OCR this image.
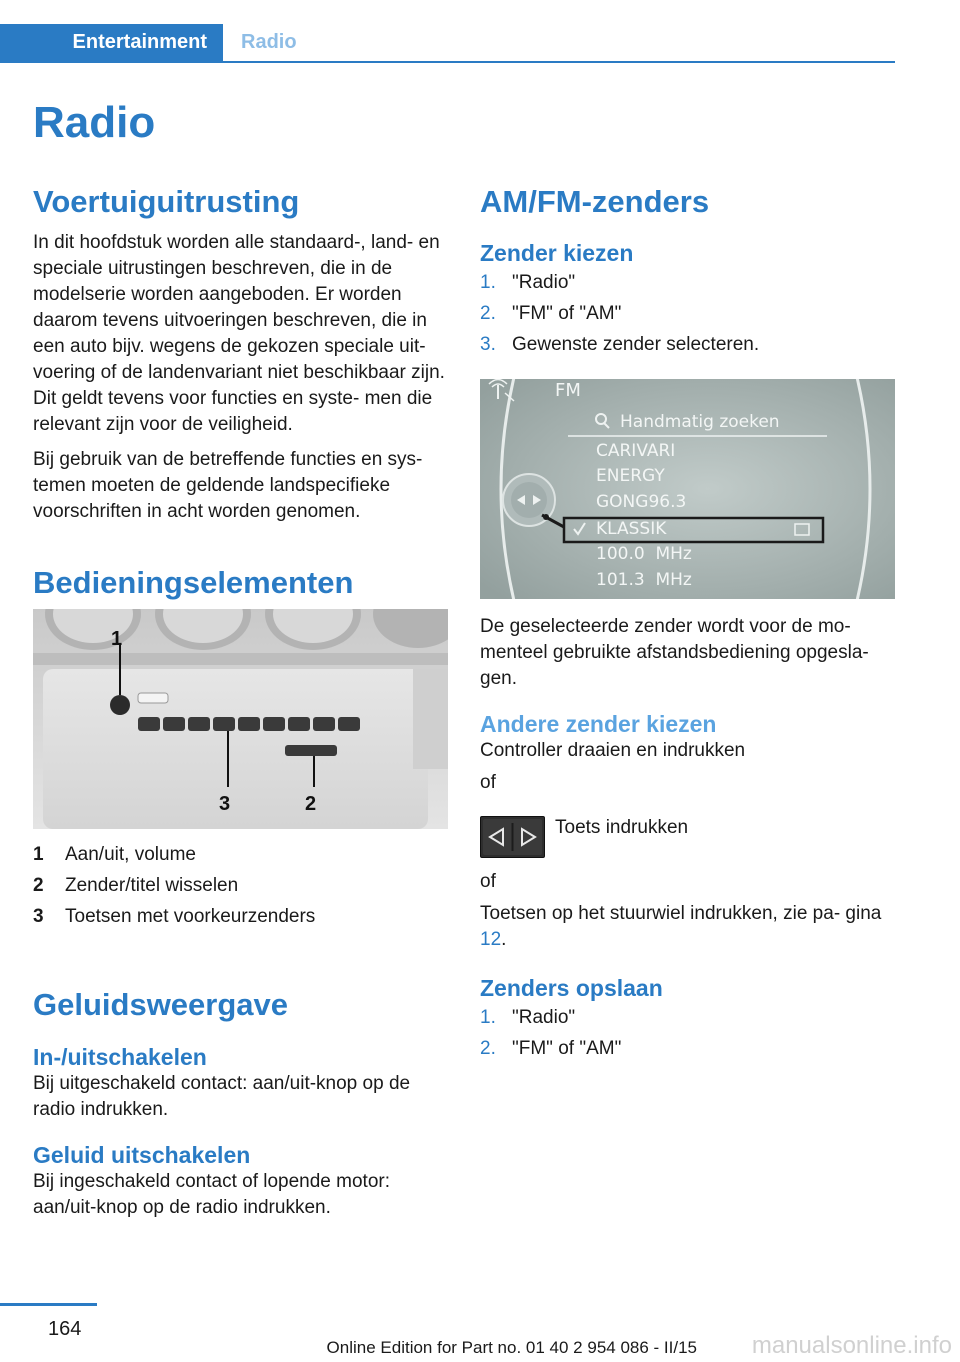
Entertainment	Radio
Radio
Voertuiguitrusting

In dit hoofdstuk worden alle standaard-, land- en speciale uitrustingen beschreven, die in de modelserie worden aangeboden. Er worden daarom tevens uitvoeringen beschreven, die in een auto bijv. wegens de gekozen speciale uit- voering of de landenvariant niet beschikbaar zijn. Dit geldt tevens voor functies en syste- men die relevant zijn voor de veiligheid.

Bij gebruik van de betreffende functies en sys- temen moeten de geldende landspecifieke voorschriften in acht worden genomen.

Bedieningselementen
1
3	2
1 Aan/uit, volume
2 Zender/titel wisselen
3 Toetsen met voorkeurzenders
Geluidsweergave
In-/uitschakelen

Bij uitgeschakeld contact: aan/uit-knop op de radio indrukken.

Geluid uitschakelen

Bij ingeschakeld contact of lopende motor: aan/uit-knop op de radio indrukken.

AM/FM-zenders
Zender kiezen
1. "Radio"
2. "FM" of "AM"
3. Gewenste zender selecteren.
FM
Handmatig zoeken
CARIVARI
ENERGY
GONG96.3
KLASSIK
100.0  MHz
101.3  MHz

De geselecteerde zender wordt voor de mo- menteel gebruikte afstandsbediening opgesla- gen.

Andere zender kiezen

Controller draaien en indrukken

of

Toets indrukken

of

Toetsen op het stuurwiel indrukken, zie pa- gina 12.

Zenders opslaan
1. "Radio"
2. "FM" of "AM"
164
Online Edition for Part no. 01 40 2 954 086 - II/15 manualsonline.info
